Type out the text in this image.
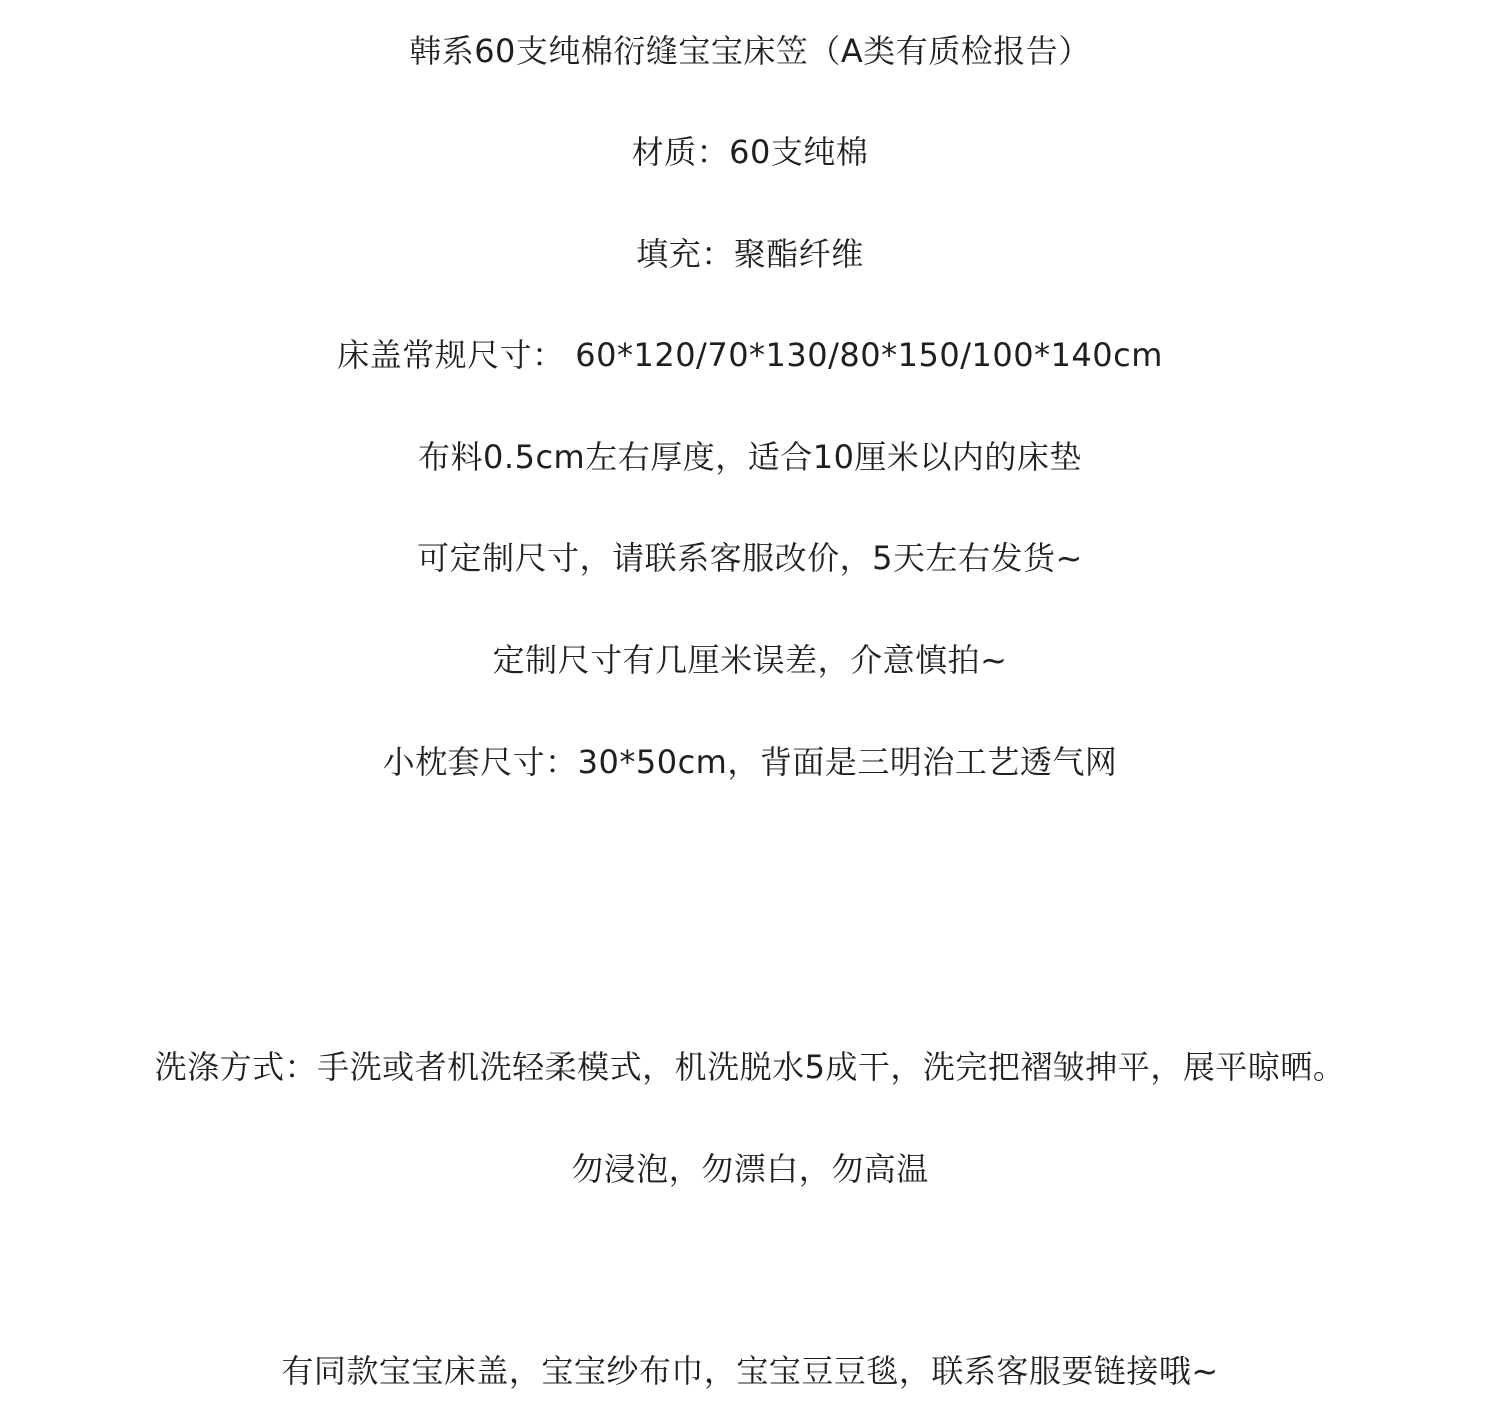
韩系60支纯棉衍缝宝宝床笠（A类有质检报告）
材质：60支纯棉
填充：聚酯纤维
床盖常规尺寸： 60*120/70*130/80*150/100*140cm
布料0.5cm左右厚度，适合10厘米以内的床垫
可定制尺寸，请联系客服改价，5天左右发货~
定制尺寸有几厘米误差，介意慎拍~
小枕套尺寸：30*50cm，背面是三明治工艺透气网
洗涤方式：手洗或者机洗轻柔模式，机洗脱水5成干，洗完把褶皱抻平，展平晾晒。
勿浸泡，勿漂白，勿高温
有同款宝宝床盖，宝宝纱布巾，宝宝豆豆毯，联系客服要链接哦~
